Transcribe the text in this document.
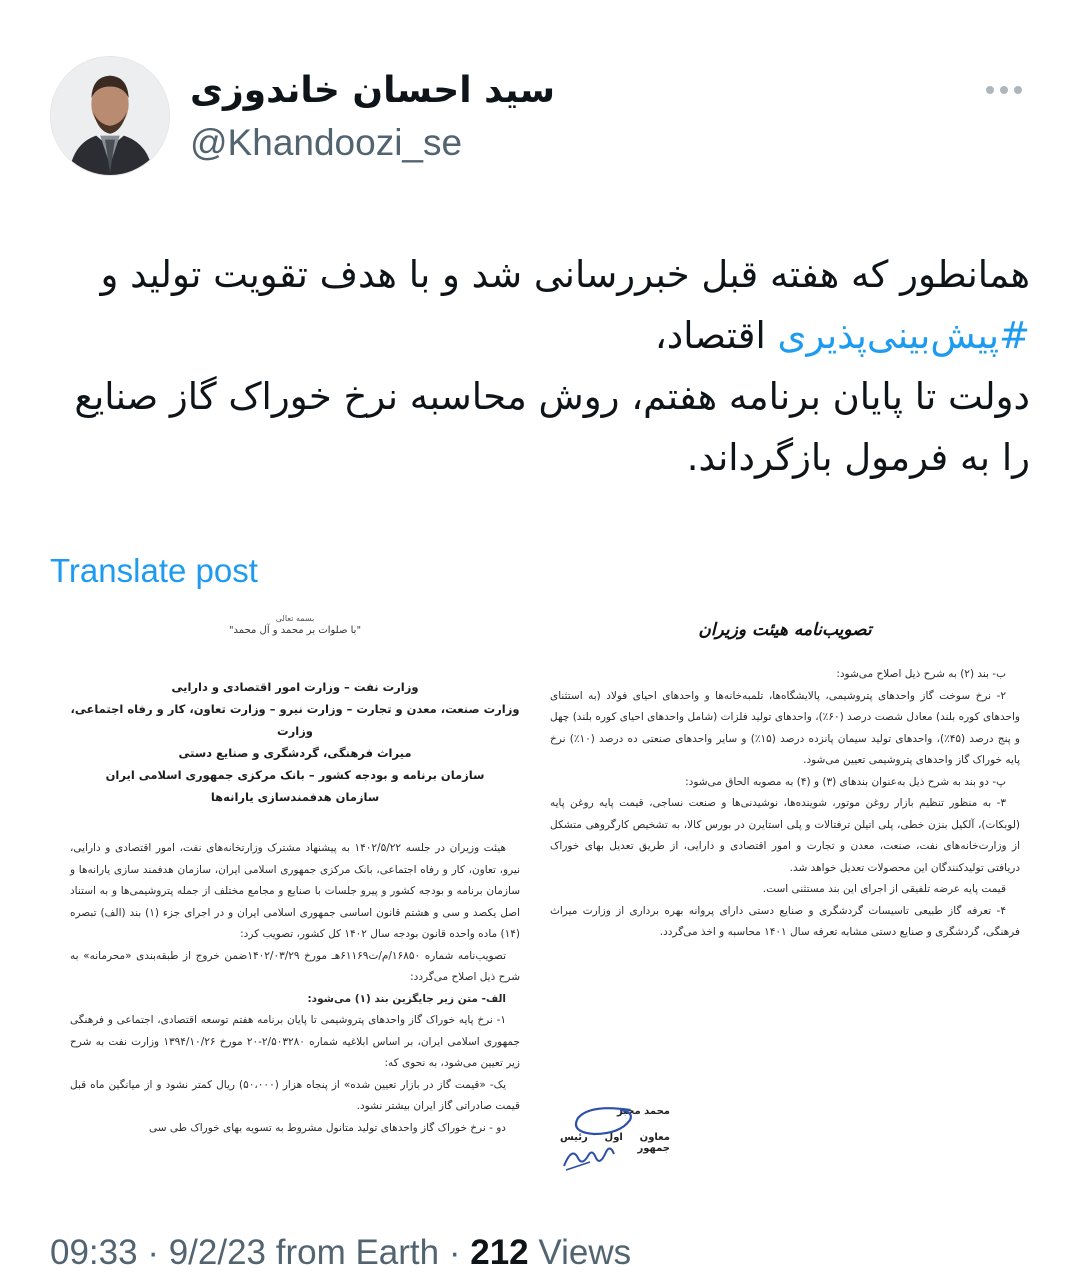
سید احسان خاندوزی
@Khandoozi_se
همانطور که هفته قبل خبررسانی شد و با هدف تقویت تولید و #پیش‌بینی‌پذیری اقتصاد،
دولت تا پایان برنامه هفتم، روش محاسبه نرخ خوراک گاز صنایع را به فرمول بازگرداند.
Translate post
بسمه تعالی
"با صلوات بر محمد و آل محمد"
وزارت نفت – وزارت امور اقتصادی و دارایی
وزارت صنعت، معدن و تجارت – وزارت نیرو – وزارت تعاون، کار و رفاه اجتماعی، وزارت
میراث فرهنگی، گردشگری و صنایع دستی
سازمان برنامه و بودجه کشور – بانک مرکزی جمهوری اسلامی ایران
سازمان هدفمندسازی یارانه‌ها

هیئت وزیران در جلسه ۱۴۰۲/۵/۲۲ به پیشنهاد مشترک وزارتخانه‌های نفت، امور اقتصادی و دارایی، نیرو، تعاون، کار و رفاه اجتماعی، بانک مرکزی جمهوری اسلامی ایران، سازمان هدفمند سازی یارانه‌ها و سازمان برنامه و بودجه کشور و پیرو جلسات با صنایع و مجامع مختلف از جمله پتروشیمی‌ها و به استناد اصل یکصد و سی و هشتم قانون اساسی جمهوری اسلامی ایران و در اجرای جزء (۱) بند (الف) تبصره (۱۴) ماده واحده قانون بودجه سال ۱۴۰۲ کل کشور، تصویب کرد:

تصویب‌نامه شماره ۱۶۸۵۰/م/ت۶۱۱۶۹هـ مورخ ۱۴۰۲/۰۳/۲۹ضمن خروج از طبقه‌بندی «محرمانه» به شرح ذیل اصلاح می‌گردد:

الف- متن زیر جایگزین بند (۱) می‌شود:

۱- نرخ پایه خوراک گاز واحدهای پتروشیمی تا پایان برنامه هفتم توسعه اقتصادی، اجتماعی و فرهنگی جمهوری اسلامی ایران، بر اساس ابلاغیه شماره ۲/۵۰۳۲۸۰-۲۰ مورخ ۱۳۹۴/۱۰/۲۶ وزارت نفت به شرح زیر تعیین می‌شود، به نحوی که:

یک- «قیمت گاز در بازار تعیین شده» از پنجاه هزار (۵۰،۰۰۰) ریال کمتر نشود و از میانگین ماه قبل قیمت صادراتی گاز ایران بیشتر نشود.

دو - نرخ خوراک گاز واحدهای تولید متانول مشروط به تسویه بهای خوراک طی سی

تصویب‌نامه هیئت وزیران

ب- بند (۲) به شرح ذیل اصلاح می‌شود:

۲- نرخ سوخت گاز واحدهای پتروشیمی، پالایشگاه‌ها، تلمبه‌خانه‌ها و واحدهای احیای فولاد (به استثنای واحدهای کوره بلند) معادل شصت درصد (۶۰٪)، واحدهای تولید فلزات (شامل واحدهای احیای کوره بلند) چهل و پنج درصد (۴۵٪)، واحدهای تولید سیمان پانزده درصد (۱۵٪) و سایر واحدهای صنعتی ده درصد (۱۰٪) نرخ پایه خوراک گاز واحدهای پتروشیمی تعیین می‌شود.

پ- دو بند به شرح ذیل به‌عنوان بندهای (۳) و (۴) به مصوبه الحاق می‌شود:

۳- به منظور تنظیم بازار روغن موتور، شوینده‌ها، نوشیدنی‌ها و صنعت نساجی، قیمت پایه روغن پایه (لوبکات)، آلکیل بنزن خطی، پلی اتیلن ترفتالات و پلی استایرن در بورس کالا، به تشخیص کارگروهی متشکل از وزارت‌خانه‌های نفت، صنعت، معدن و تجارت و امور اقتصادی و دارایی، از طریق تعدیل بهای خوراک دریافتی تولیدکنندگان این محصولات تعدیل خواهد شد.

قیمت پایه عرضه تلفیقی از اجرای این بند مستثنی است.

۴- تعرفه گاز طبیعی تاسیسات گردشگری و صنایع دستی دارای پروانه بهره برداری از وزارت میراث فرهنگی، گردشگری و صنایع دستی مشابه تعرفه سال ۱۴۰۱ محاسبه و اخذ می‌گردد.

محمد مخبر
معاون اول رئیس جمهور
09:33 · 9/2/23 from Earth · 212 Views
